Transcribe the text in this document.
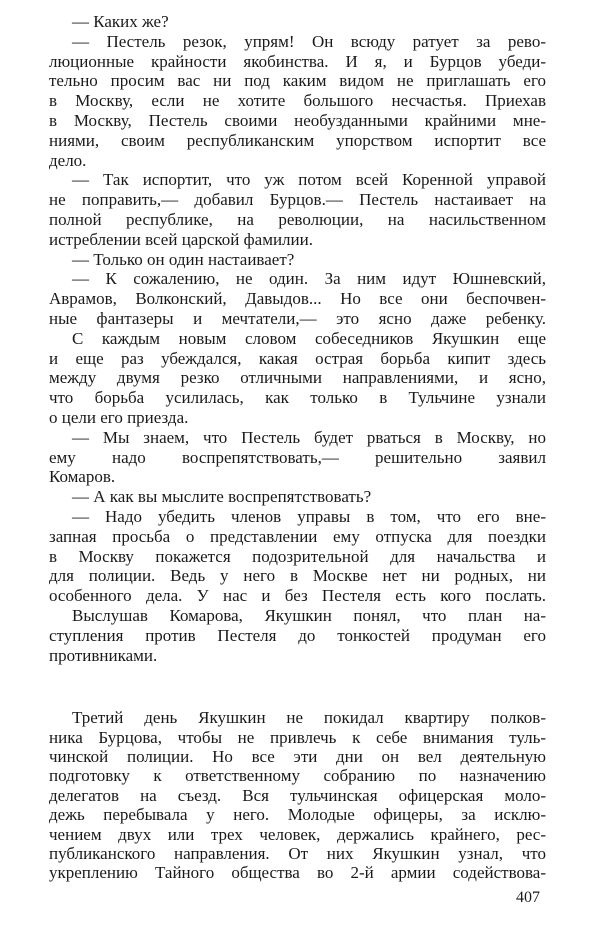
— Каких же?
— Пестель резок, упрям! Он всюду ратует за рево-
люционные крайности якобинства. И я, и Бурцов убеди-
тельно просим вас ни под каким видом не приглашать его
в Москву, если не хотите большого несчастья. Приехав
в Москву, Пестель своими необузданными крайними мне-
ниями, своим республиканским упорством испортит все
дело.
— Так испортит, что уж потом всей Коренной управой
не поправить,— добавил Бурцов.— Пестель настаивает на
полной республике, на революции, на насильственном
истреблении всей царской фамилии.
— Только он один настаивает?
— К сожалению, не один. За ним идут Юшневский,
Аврамов, Волконский, Давыдов... Но все они беспочвен-
ные фантазеры и мечтатели,— это ясно даже ребенку.
С каждым новым словом собеседников Якушкин еще
и еще раз убеждался, какая острая борьба кипит здесь
между двумя резко отличными направлениями, и ясно,
что борьба усилилась, как только в Тульчине узнали
о цели его приезда.
— Мы знаем, что Пестель будет рваться в Москву, но
ему надо воспрепятствовать,— решительно заявил
Комаров.
— А как вы мыслите воспрепятствовать?
— Надо убедить членов управы в том, что его вне-
запная просьба о представлении ему отпуска для поездки
в Москву покажется подозрительной для начальства и
для полиции. Ведь у него в Москве нет ни родных, ни
особенного дела. У нас и без Пестеля есть кого послать.
Выслушав Комарова, Якушкин понял, что план на-
ступления против Пестеля до тонкостей продуман его
противниками.
Третий день Якушкин не покидал квартиру полков-
ника Бурцова, чтобы не привлечь к себе внимания туль-
чинской полиции. Но все эти дни он вел деятельную
подготовку к ответственному собранию по назначению
делегатов на съезд. Вся тульчинская офицерская моло-
дежь перебывала у него. Молодые офицеры, за исклю-
чением двух или трех человек, держались крайнего, рес-
публиканского направления. От них Якушкин узнал, что
укреплению Тайного общества во 2-й армии содействова-
407
